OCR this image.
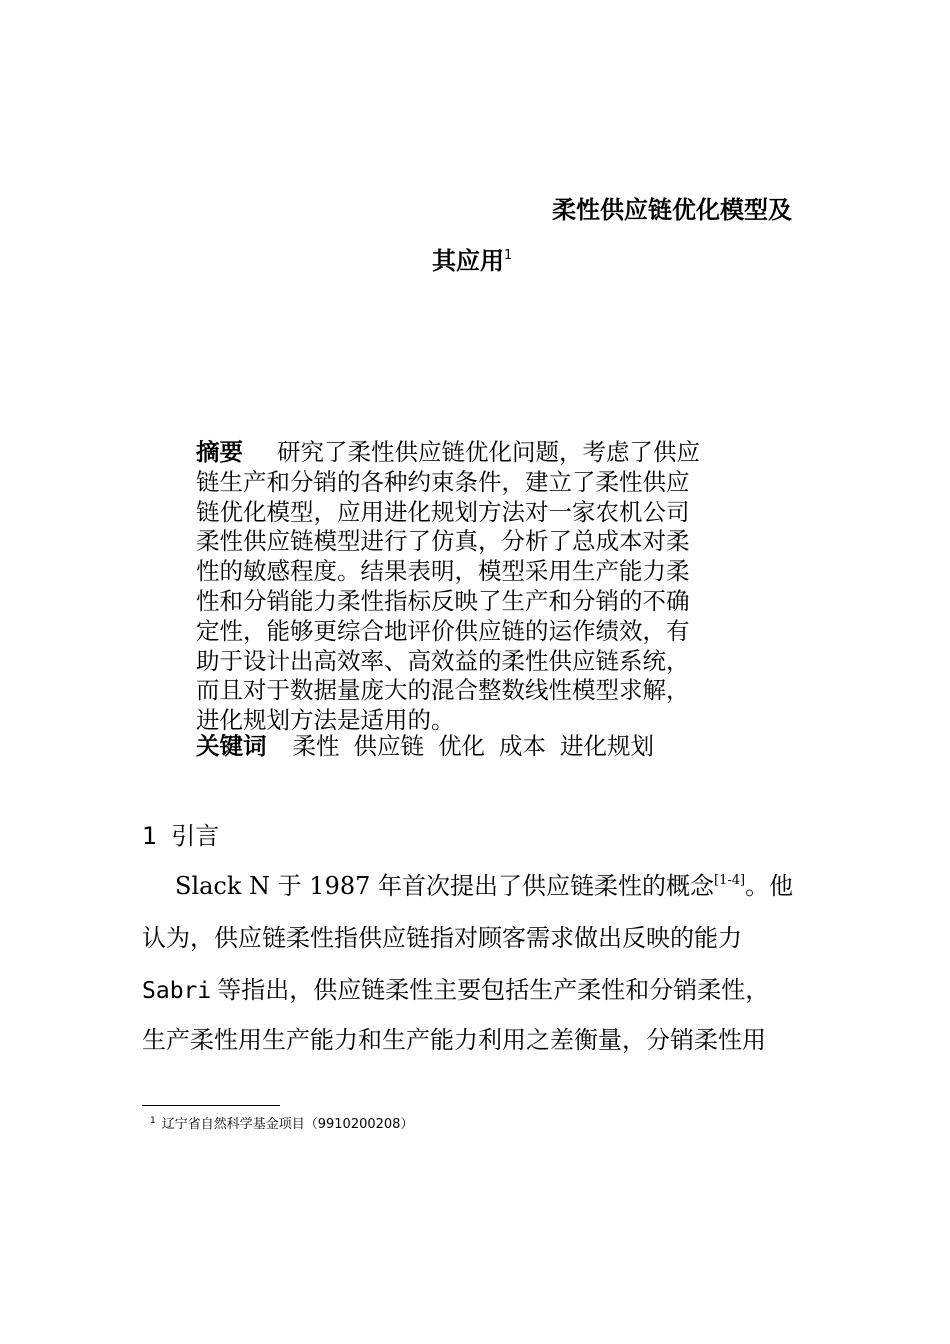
柔性供应链优化模型及
其应用$^1$
摘要 研究了柔性供应链优化问题，考虑了供应
链生产和分销的各种约束条件，建立了柔性供应
链优化模型，应用进化规划方法对一家农机公司
柔性供应链模型进行了仿真，分析了总成本对柔
性的敏感程度。结果表明，模型采用生产能力柔
性和分销能力柔性指标反映了生产和分销的不确
定性，能够更综合地评价供应链的运作绩效，有
助于设计出高效率、高效益的柔性供应链系统，
而且对于数据量庞大的混合整数线性模型求解，
进化规划方法是适用的。
关键词 柔性 供应链 优化 成本 进化规划
1 引言
Slack N 于 1987 年首次提出了供应链柔性的概念[1-4]。他
认为，供应链柔性指供应链指对顾客需求做出反映的能力
Sabri 等指出，供应链柔性主要包括生产柔性和分销柔性，
生产柔性用生产能力和生产能力利用之差衡量，分销柔性用
$^1$ 辽宁省自然科学基金项目（9910200208）
